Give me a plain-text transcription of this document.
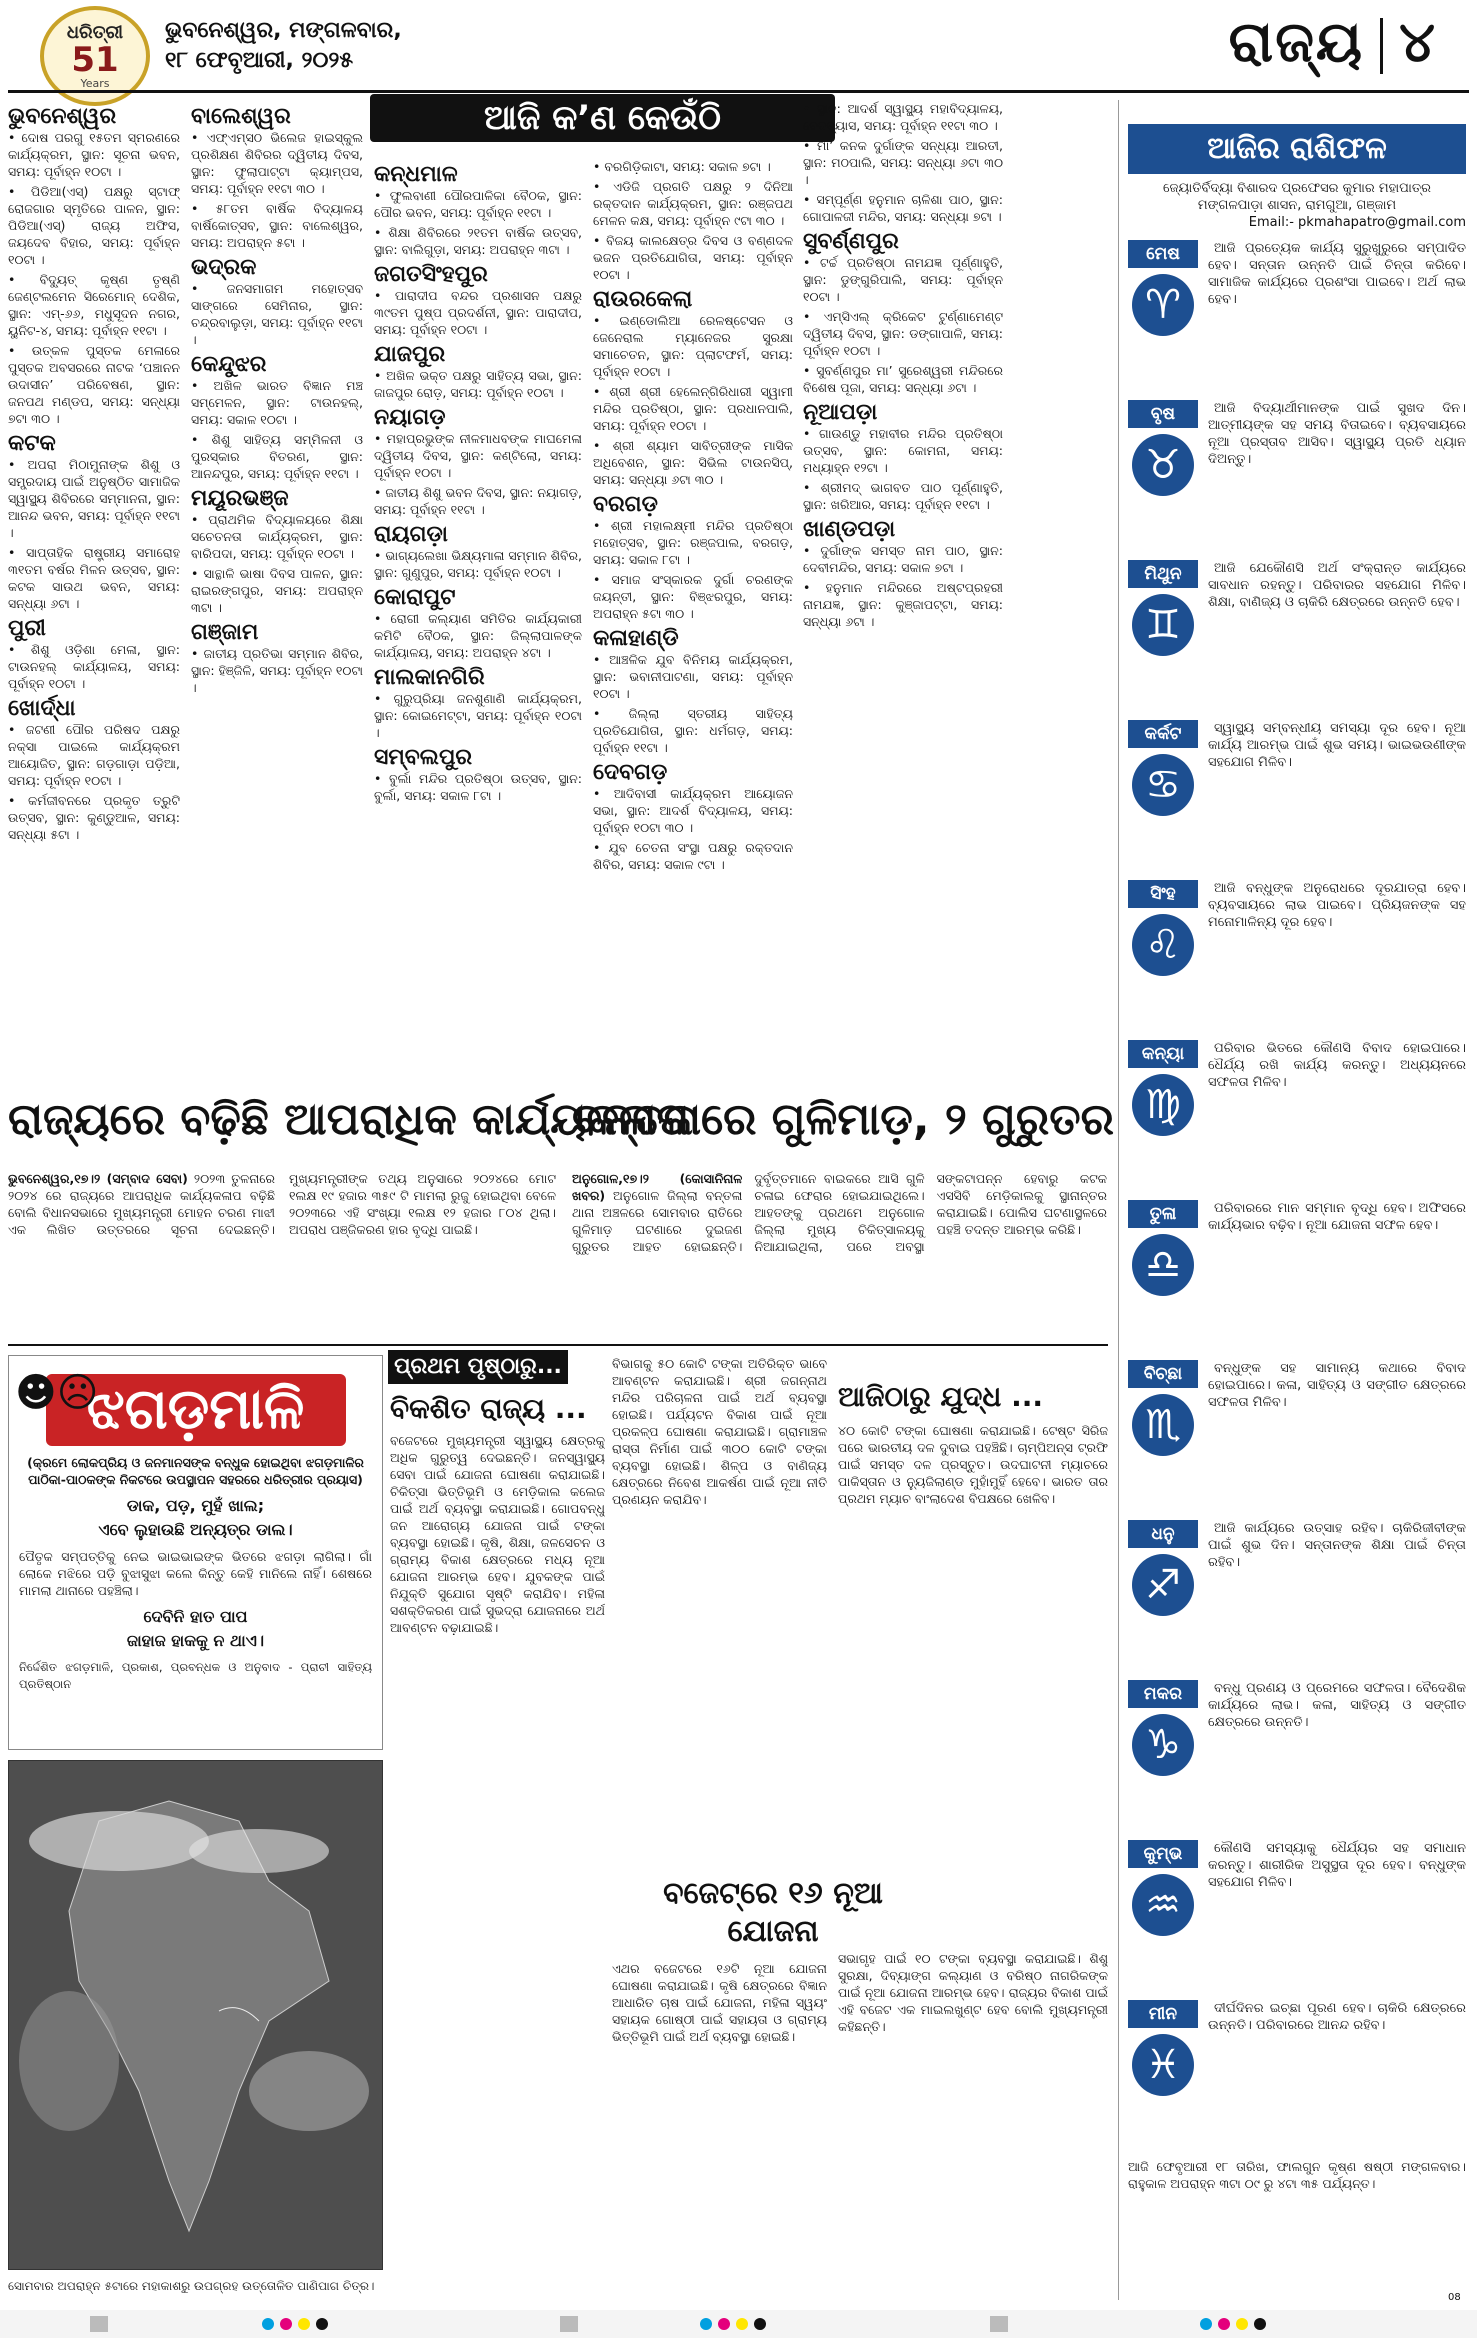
ଧରିତ୍ରୀ
51
Years
ଭୁବନେଶ୍ୱର, ମଙ୍ଗଳବାର,
୧୮ ଫେବୃଆରୀ, ୨୦୨୫	ରାଜ୍ୟ ୪
ଆଜି କ’ଣ କେଉଁଠି
ଭୁବନେଶ୍ୱର
• ଦୋଷ ପରଗୁ ୧୫ତମ ସ୍ମରଣରେ କାର୍ଯ୍ୟକ୍ରମ, ସ୍ଥାନ: ସୂଚନା ଭବନ, ସମୟ: ପୂର୍ବାହ୍ନ ୧୦ଟା ।
• ପିଡିଆ(ଏସ୍) ପକ୍ଷରୁ ସ୍ଟାଫ୍‌ ରୋଜଗାର ସ୍ମୃତିରେ ପାଳନ, ସ୍ଥାନ: ପିଡିଆ(ଏସ୍) ରାଜ୍ୟ ଅଫିସ, ଜୟଦେବ ବିହାର, ସମୟ: ପୂର୍ବାହ୍ନ ୧୦ଟା ।
• ବିଦ୍ୟୁତ୍‌ କୃଷ୍ଣ ତୃଷ୍ଣି ଜେଣ୍ଟଲମେନ ସିରେମୋନ୍‌ ଦେଶିକ, ସ୍ଥାନ: ଏମ୍‌-୬୬, ମଧୁସୂଦନ ନଗର, ୟୁନିଟ-୪, ସମୟ: ପୂର୍ବାହ୍ନ ୧୧ଟା ।
• ଉତ୍କଳ ପୁସ୍ତକ ମେଳାରେ ପୁସ୍ତକ ଅବସରରେ ନାଟକ ‘ପଞ୍ଚାନନ ଉଦାସୀନ’ ପରିବେଷଣ, ସ୍ଥାନ: ଜନପଥ ମଣ୍ଡପ, ସମୟ: ସନ୍ଧ୍ୟା ୭ଟା ୩୦ ।
କଟକ
• ଅପରା ମିଠାମୁନାଙ୍କ ଶିଶୁ ଓ ସମ୍ପ୍ରଦାୟ ପାଇଁ ଅନୁଷ୍ଠିତ ସାମାଜିକ ସ୍ୱାସ୍ଥ୍ୟ ଶିବିରରେ ସମ୍ମାନନା, ସ୍ଥାନ: ଆନନ୍ଦ ଭବନ, ସମୟ: ପୂର୍ବାହ୍ନ ୧୧ଟା ।
• ସାପ୍ତାହିକ ରାଷ୍ଟ୍ରୀୟ ସମାରୋହ ୩୧ତମ ବର୍ଷର ମିଳନ ଉତ୍ସବ, ସ୍ଥାନ: କଟକ ସାଉଥ ଭବନ, ସମୟ: ସନ୍ଧ୍ୟା ୬ଟା ।
ପୁରୀ
• ଶିଶୁ ଓଡ଼ିଶା ମେଳା, ସ୍ଥାନ: ଟାଉନହଲ୍‌ କାର୍ଯ୍ୟାଳୟ, ସମୟ: ପୂର୍ବାହ୍ନ ୧୦ଟା ।
ଖୋର୍ଦ୍ଧା
• ଜଟଣୀ ପୌର ପରିଷଦ ପକ୍ଷରୁ ନକ୍ସା ପାଇଲେ କାର୍ଯ୍ୟକ୍ରମ ଆୟୋଜିତ, ସ୍ଥାନ: ଗଡ଼ଗାଡ଼ା ପଡ଼ିଆ, ସମୟ: ପୂର୍ବାହ୍ନ ୧୦ଟା ।
• କର୍ମଜୀବନରେ ପ୍ରକୃତ ତ୍ରୁଟି ଉତ୍ସବ, ସ୍ଥାନ: କୁଣ୍ଡୁଆଳ, ସମୟ: ସନ୍ଧ୍ୟା ୫ଟା ।
ବାଲେଶ୍ୱର
• ଏଫ୍‌ଏମ୍‌ସଠ ଭିଲେଜ ହାଇସ୍କୁଲ ପ୍ରଶିକ୍ଷଣ ଶିବିରର ଦ୍ୱିତୀୟ ଦିବସ, ସ୍ଥାନ: ଫୁଲାପାଟ୍ଟା କ୍ୟାମ୍ପସ, ସମୟ: ପୂର୍ବାହ୍ନ ୧୧ଟା ୩୦ ।
• ୫୮ତମ ବାର୍ଷିକ ବିଦ୍ୟାଳୟ ବାର୍ଷିକୋତ୍ସବ, ସ୍ଥାନ: ବାଲେଶ୍ୱର, ସମୟ: ଅପରାହ୍ନ ୫ଟା ।
ଭଦ୍ରକ
• ଜନସମାଗମ ମହୋତ୍ସବ ସାଙ୍ଗରେ ସେମିନାର, ସ୍ଥାନ: ଚନ୍ଦ୍ରବାଲୁଡ଼ା, ସମୟ: ପୂର୍ବାହ୍ନ ୧୧ଟା ।
କେନ୍ଦୁଝର
• ଅଖିଳ ଭାରତ ବିଜ୍ଞାନ ମଞ୍ଚ ସମ୍ମେଳନ, ସ୍ଥାନ: ଟାଉନହଲ୍‌, ସମୟ: ସକାଳ ୧୦ଟା ।
• ଶିଶୁ ସାହିତ୍ୟ ସମ୍ମିଳନୀ ଓ ପୁରସ୍କାର ବିତରଣ, ସ୍ଥାନ: ଆନନ୍ଦପୁର, ସମୟ: ପୂର୍ବାହ୍ନ ୧୧ଟା ।
ମୟୂରଭଞ୍ଜ
• ପ୍ରାଥମିକ ବିଦ୍ୟାଳୟରେ ଶିକ୍ଷା ସଚେତନତା କାର୍ଯ୍ୟକ୍ରମ, ସ୍ଥାନ: ବାରିପଦା, ସମୟ: ପୂର୍ବାହ୍ନ ୧୦ଟା ।
• ସାନ୍ଥାଳି ଭାଷା ଦିବସ ପାଳନ, ସ୍ଥାନ: ରାଇରଙ୍ଗପୁର, ସମୟ: ଅପରାହ୍ନ ୩ଟା ।
ଗଞ୍ଜାମ
• ଜାତୀୟ ପ୍ରତିଭା ସମ୍ମାନ ଶିବିର, ସ୍ଥାନ: ହିଞ୍ଜିଳି, ସମୟ: ପୂର୍ବାହ୍ନ ୧୦ଟା ।
କନ୍ଧମାଳ
• ଫୁଲବାଣୀ ପୌରପାଳିକା ବୈଠକ, ସ୍ଥାନ: ପୌର ଭବନ, ସମୟ: ପୂର୍ବାହ୍ନ ୧୧ଟା ।
• ଶିକ୍ଷା ଶିବିରରେ ୨୧ତମ ବାର୍ଷିକ ଉତ୍ସବ, ସ୍ଥାନ: ବାଲିଗୁଡ଼ା, ସମୟ: ଅପରାହ୍ନ ୩ଟା ।
ଜଗତସିଂହପୁର
• ପାରାଦୀପ ବନ୍ଦର ପ୍ରଶାସନ ପକ୍ଷରୁ ୩୯ତମ ପୁଷ୍ପ ପ୍ରଦର୍ଶନୀ, ସ୍ଥାନ: ପାରାଦୀପ, ସମୟ: ପୂର୍ବାହ୍ନ ୧୦ଟା ।
ଯାଜପୁର
• ଅଖିଳ ଭକ୍ତ ପକ୍ଷରୁ ସାହିତ୍ୟ ସଭା, ସ୍ଥାନ: ଜାଜପୁର ରୋଡ଼, ସମୟ: ପୂର୍ବାହ୍ନ ୧୦ଟା ।
ନୟାଗଡ଼
• ମହାପ୍ରଭୁଙ୍କ ନୀଳମାଧବଙ୍କ ମାଘମେଳା ଦ୍ୱିତୀୟ ଦିବସ, ସ୍ଥାନ: କଣ୍ଟିଲୋ, ସମୟ: ପୂର୍ବାହ୍ନ ୧୦ଟା ।
• ଜାତୀୟ ଶିଶୁ ଭବନ ଦିବସ, ସ୍ଥାନ: ନୟାଗଡ଼, ସମୟ: ପୂର୍ବାହ୍ନ ୧୧ଟା ।
ରାୟଗଡ଼ା
• ଭାଗ୍ୟଲେଖା ଭିକ୍ଷ୍ୟମାଳା ସମ୍ମାନ ଶିବିର, ସ୍ଥାନ: ଗୁଣୁପୁର, ସମୟ: ପୂର୍ବାହ୍ନ ୧୦ଟା ।
କୋରାପୁଟ
• ରୋଗୀ କଲ୍ୟାଣ ସମିତିର କାର୍ଯ୍ୟକାରୀ କମିଟି ବୈଠକ, ସ୍ଥାନ: ଜିଲ୍ଲାପାଳଙ୍କ କାର୍ଯ୍ୟାଳୟ, ସମୟ: ଅପରାହ୍ନ ୪ଟା ।
ମାଲକାନଗିରି
• ଗୁରୁପ୍ରିୟା ଜନଶୁଣାଣି କାର୍ଯ୍ୟକ୍ରମ, ସ୍ଥାନ: କୋଇମେଟ୍ଟା, ସମୟ: ପୂର୍ବାହ୍ନ ୧୦ଟା ।
ସମ୍ବଲପୁର
• ବୁର୍ଲା ମନ୍ଦିର ପ୍ରତିଷ୍ଠା ଉତ୍ସବ, ସ୍ଥାନ: ବୁର୍ଲା, ସମୟ: ସକାଳ ୮ଟା ।
• ବରଗିଡ଼ିକାଟା, ସମୟ: ସକାଳ ୭ଟା ।
• ଏଡିଜି ପ୍ରଗତି ପକ୍ଷରୁ ୨ ଦିନିଆ ରକ୍ତଦାନ କାର୍ଯ୍ୟକ୍ରମ, ସ୍ଥାନ: ରଞ୍ଜପଥ ମେଳନ କକ୍ଷ, ସମୟ: ପୂର୍ବାହ୍ନ ୯ଟା ୩୦ ।
• ବିଜୟ କାଲକ୍ଷେତ୍ର ଦିବସ ଓ ବଣ୍ଣଦଳ ଭଜନ ପ୍ରତିଯୋଗିତା, ସମୟ: ପୂର୍ବାହ୍ନ ୧୦ଟା ।
ରାଉରକେଲା
• ଇଣ୍ଡୋଲିଆ ରେଳଷ୍ଟେସନ ଓ ଜେନେରାଲ ମ୍ୟାନେଜର ସୁରକ୍ଷା ସମାଚେତନ, ସ୍ଥାନ: ପ୍ଲାଟଫର୍ମ, ସମୟ: ପୂର୍ବାହ୍ନ ୧୦ଟା ।
• ଶ୍ରୀ ଶ୍ରୀ ହେଲେନ୍‌ଗିରିଧାରୀ ସ୍ୱାମୀ ମନ୍ଦିର ପ୍ରତିଷ୍ଠା, ସ୍ଥାନ: ପ୍ରଧାନପାଲି, ସମୟ: ପୂର୍ବାହ୍ନ ୧୦ଟା ।
• ଶ୍ରୀ ଶ୍ୟାମ ସାବିତ୍ରୀଙ୍କ ମାସିକ ଅଧିବେଶନ, ସ୍ଥାନ: ସିଭିଲ ଟାଉନସିପ୍‌, ସମୟ: ସନ୍ଧ୍ୟା ୬ଟା ୩୦ ।
ବରଗଡ଼
• ଶ୍ରୀ ମହାଲକ୍ଷ୍ମୀ ମନ୍ଦିର ପ୍ରତିଷ୍ଠା ମହୋତ୍ସବ, ସ୍ଥାନ: ରଞ୍ଜପାଲ, ବରଗଡ଼, ସମୟ: ସକାଳ ୮ଟା ।
• ସମାଜ ସଂସ୍କାରକ ଦୁର୍ଗା ଚରଣଙ୍କ ଜୟନ୍ତୀ, ସ୍ଥାନ: ବିଞ୍ଝରପୁର, ସମୟ: ଅପରାହ୍ନ ୫ଟା ୩୦ ।
କଳାହାଣ୍ଡି
• ଆଞ୍ଚଳିକ ଯୁବ ବିନିମୟ କାର୍ଯ୍ୟକ୍ରମ, ସ୍ଥାନ: ଭବାନୀପାଟଣା, ସମୟ: ପୂର୍ବାହ୍ନ ୧୦ଟା ।
• ଜିଲ୍ଲା ସ୍ତରୀୟ ସାହିତ୍ୟ ପ୍ରତିଯୋଗିତା, ସ୍ଥାନ: ଧର୍ମଗଡ଼, ସମୟ: ପୂର୍ବାହ୍ନ ୧୧ଟା ।
ଦେବଗଡ଼
• ଆଦିବାସୀ କାର୍ଯ୍ୟକ୍ରମ ଆୟୋଜନ ସଭା, ସ୍ଥାନ: ଆଦର୍ଶ ବିଦ୍ୟାଳୟ, ସମୟ: ପୂର୍ବାହ୍ନ ୧୦ଟା ୩୦ ।
• ଯୁବ ଚେତନା ସଂସ୍ଥା ପକ୍ଷରୁ ରକ୍ତଦାନ ଶିବିର, ସମୟ: ସକାଳ ୯ଟା ।
• ସ୍ଥାନ: ଆଦର୍ଶ ସ୍ୱାସ୍ଥ୍ୟ ମହାବିଦ୍ୟାଳୟ, ବେଦବ୍ୟାସ, ସମୟ: ପୂର୍ବାହ୍ନ ୧୧ଟା ୩୦ ।
• ମା’ କନକ ଦୁର୍ଗାଙ୍କ ସନ୍ଧ୍ୟା ଆରତୀ, ସ୍ଥାନ: ମଠପାଲି, ସମୟ: ସନ୍ଧ୍ୟା ୬ଟା ୩୦ ।
• ସମ୍ପୂର୍ଣ୍ଣ ହନୁମାନ ଚାଳିଶା ପାଠ, ସ୍ଥାନ: ଗୋପାଳଜୀ ମନ୍ଦିର, ସମୟ: ସନ୍ଧ୍ୟା ୭ଟା ।
ସୁବର୍ଣ୍ଣପୁର
• ଟର୍ଚ୍ଚ ପ୍ରତିଷ୍ଠା ନାମଯଜ୍ଞ ପୂର୍ଣ୍ଣାହୁତି, ସ୍ଥାନ: ଡୁଙ୍ଗୁରିପାଲି, ସମୟ: ପୂର୍ବାହ୍ନ ୧୦ଟା ।
• ଏମ୍‌ସିଏଲ୍‌ କ୍ରିକେଟ ଟୁର୍ଣ୍ଣାମେଣ୍ଟ ଦ୍ୱିତୀୟ ଦିବସ, ସ୍ଥାନ: ଡଙ୍ଗାପାଳି, ସମୟ: ପୂର୍ବାହ୍ନ ୧୦ଟା ।
• ସୁବର୍ଣ୍ଣପୁର ମା’ ସୁରେଶ୍ୱରୀ ମନ୍ଦିରରେ ବିଶେଷ ପୂଜା, ସମୟ: ସନ୍ଧ୍ୟା ୬ଟା ।
ନୂଆପଡ଼ା
• ଗାଉଣ୍ଡୁ ମହାବୀର ମନ୍ଦିର ପ୍ରତିଷ୍ଠା ଉତ୍ସବ, ସ୍ଥାନ: କୋମନା, ସମୟ: ମଧ୍ୟାହ୍ନ ୧୨ଟା ।
• ଶ୍ରୀମଦ୍‌ ଭାଗବତ ପାଠ ପୂର୍ଣ୍ଣାହୁତି, ସ୍ଥାନ: ଖରିଆର, ସମୟ: ପୂର୍ବାହ୍ନ ୧୧ଟା ।
ଖାଣ୍ଡପଡ଼ା
• ଦୁର୍ଗାଙ୍କ ସମସ୍ତ ନାମ ପାଠ, ସ୍ଥାନ: ଦେବୀମନ୍ଦିର, ସମୟ: ସକାଳ ୭ଟା ।
• ହନୁମାନ ମନ୍ଦିରରେ ଅଷ୍ଟପ୍ରହରୀ ନାମଯଜ୍ଞ, ସ୍ଥାନ: କୁଞ୍ଜାପଟ୍ଟା, ସମୟ: ସନ୍ଧ୍ୟା ୬ଟା ।
ଆଜିର ରାଶିଫଳ
ଜ୍ୟୋତିର୍ବିଦ୍ୟା ବିଶାରଦ ପ୍ରଫେସର କୁମାର ମହାପାତ୍ର
ମଙ୍ଗଳପାଡ଼ା ଶାସନ, ରାମଗୁଆ, ଗଞ୍ଜାମ
Email:- pkmahapatro@gmail.com
ମେଷ
♈

ଆଜି ପ୍ରତ୍ୟେକ କାର୍ଯ୍ୟ ସୁରୁଖୁରୁରେ ସମ୍ପାଦିତ ହେବ। ସନ୍ତାନ ଉନ୍ନତି ପାଇଁ ଚିନ୍ତା କରିବେ। ସାମାଜିକ କାର୍ଯ୍ୟରେ ପ୍ରଶଂସା ପାଇବେ। ଅର୍ଥ ଲାଭ ହେବ।

ବୃଷ
♉

ଆଜି ବିଦ୍ୟାର୍ଥୀମାନଙ୍କ ପାଇଁ ସୁଖଦ ଦିନ। ଆତ୍ମୀୟଙ୍କ ସହ ସମୟ ବିତାଇବେ। ବ୍ୟବସାୟରେ ନୂଆ ପ୍ରସ୍ତାବ ଆସିବ। ସ୍ୱାସ୍ଥ୍ୟ ପ୍ରତି ଧ୍ୟାନ ଦିଅନ୍ତୁ।

ମିଥୁନ
♊

ଆଜି ଯେକୌଣସି ଅର୍ଥ ସଂକ୍ରାନ୍ତ କାର୍ଯ୍ୟରେ ସାବଧାନ ରହନ୍ତୁ। ପରିବାରର ସହଯୋଗ ମିଳିବ। ଶିକ୍ଷା, ବାଣିଜ୍ୟ ଓ ଚାକିରି କ୍ଷେତ୍ରରେ ଉନ୍ନତି ହେବ।

କର୍କଟ
♋

ସ୍ୱାସ୍ଥ୍ୟ ସମ୍ବନ୍ଧୀୟ ସମସ୍ୟା ଦୂର ହେବ। ନୂଆ କାର୍ଯ୍ୟ ଆରମ୍ଭ ପାଇଁ ଶୁଭ ସମୟ। ଭାଇଭଉଣୀଙ୍କ ସହଯୋଗ ମିଳିବ।

ସିଂହ
♌

ଆଜି ବନ୍ଧୁଙ୍କ ଅନୁରୋଧରେ ଦୂରଯାତ୍ରା ହେବ। ବ୍ୟବସାୟରେ ଲାଭ ପାଇବେ। ପ୍ରିୟଜନଙ୍କ ସହ ମନୋମାଳିନ୍ୟ ଦୂର ହେବ।

କନ୍ୟା
♍

ପରିବାର ଭିତରେ କୌଣସି ବିବାଦ ହୋଇପାରେ। ଧୈର୍ଯ୍ୟ ରଖି କାର୍ଯ୍ୟ କରନ୍ତୁ। ଅଧ୍ୟୟନରେ ସଫଳତା ମିଳିବ।

ତୁଳା
♎

ପରିବାରରେ ମାନ ସମ୍ମାନ ବୃଦ୍ଧି ହେବ। ଅଫିସରେ କାର୍ଯ୍ୟଭାର ବଢ଼ିବ। ନୂଆ ଯୋଜନା ସଫଳ ହେବ।

ବିଚ୍ଛା
♏

ବନ୍ଧୁଙ୍କ ସହ ସାମାନ୍ୟ କଥାରେ ବିବାଦ ହୋଇପାରେ। କଳା, ସାହିତ୍ୟ ଓ ସଙ୍ଗୀତ କ୍ଷେତ୍ରରେ ସଫଳତା ମିଳିବ।

ଧନୁ
♐

ଆଜି କାର୍ଯ୍ୟରେ ଉତ୍ସାହ ରହିବ। ଚାକିରିଜୀବୀଙ୍କ ପାଇଁ ଶୁଭ ଦିନ। ସନ୍ତାନଙ୍କ ଶିକ୍ଷା ପାଇଁ ଚିନ୍ତା ରହିବ।

ମକର
♑

ବନ୍ଧୁ ପ୍ରଣୟ ଓ ପ୍ରେମରେ ସଫଳତା। ବୈଦେଶିକ କାର୍ଯ୍ୟରେ ଲାଭ। କଳା, ସାହିତ୍ୟ ଓ ସଙ୍ଗୀତ କ୍ଷେତ୍ରରେ ଉନ୍ନତି।

କୁମ୍ଭ
♒

କୌଣସି ସମସ୍ୟାକୁ ଧୈର୍ଯ୍ୟର ସହ ସମାଧାନ କରନ୍ତୁ। ଶାରୀରିକ ଅସୁସ୍ଥତା ଦୂର ହେବ। ବନ୍ଧୁଙ୍କ ସହଯୋଗ ମିଳିବ।

ମୀନ
♓

ଦୀର୍ଘଦିନର ଇଚ୍ଛା ପୂରଣ ହେବ। ଚାକିରି କ୍ଷେତ୍ରରେ ଉନ୍ନତି। ପରିବାରରେ ଆନନ୍ଦ ରହିବ।

ଆଜି ଫେବୃଆରୀ ୧୮ ତାରିଖ, ଫାଲଗୁନ କୃଷ୍ଣ ଷଷ୍ଠୀ ମଙ୍ଗଳବାର। ରାହୁକାଳ ଅପରାହ୍ନ ୩ଟା ୦୯ ରୁ ୪ଟା ୩୫ ପର୍ଯ୍ୟନ୍ତ।
ରାଜ୍ୟରେ ବଢ଼ିଛି ଆପରାଧିକ କାର୍ଯ୍ୟକଳାପ
ଭୁବନେଶ୍ୱର,୧୭।୨ (ସମ୍ବାଦ ସେବା) ୨୦୨୩ ତୁଳନାରେ ୨୦୨୪ ରେ ରାଜ୍ୟରେ ଆପରାଧିକ କାର୍ଯ୍ୟକଳାପ ବଢ଼ିଛି ବୋଲି ବିଧାନସଭାରେ ମୁଖ୍ୟମନ୍ତ୍ରୀ ମୋହନ ଚରଣ ମାଝୀ ଏକ ଲିଖିତ ଉତ୍ତରରେ ସୂଚନା ଦେଇଛନ୍ତି। ମୁଖ୍ୟମନ୍ତ୍ରୀଙ୍କ ତଥ୍ୟ ଅନୁସାରେ ୨୦୨୪ରେ ମୋଟ ୧ଲକ୍ଷ ୧୯ ହଜାର ୩୫୯ ଟି ମାମଲା ରୁଜୁ ହୋଇଥିବା ବେଳେ ୨୦୨୩ରେ ଏହି ସଂଖ୍ୟା ୧ଲକ୍ଷ ୧୨ ହଜାର ୮୦୪ ଥିଲା। ଅପରାଧ ପଞ୍ଜିକରଣ ହାର ବୃଦ୍ଧି ପାଇଛି।
ବନ୍ତଳାରେ ଗୁଳିମାଡ଼, ୨ ଗୁରୁତର
ଅନୁଗୋଳ,୧୭।୨ (କୋସାନିନାଳ ଖବର) ଅନୁଗୋଳ ଜିଲ୍ଲା ବନ୍ତଳା ଥାନା ଅଞ୍ଚଳରେ ସୋମବାର ରାତିରେ ଗୁଳିମାଡ଼ ଘଟଣାରେ ଦୁଇଜଣ ଗୁରୁତର ଆହତ ହୋଇଛନ୍ତି। ଦୁର୍ବୃତ୍ତମାନେ ବାଇକରେ ଆସି ଗୁଳି ଚଳାଇ ଫେରାର ହୋଇଯାଇଥିଲେ। ଆହତଙ୍କୁ ପ୍ରଥମେ ଅନୁଗୋଳ ଜିଲ୍ଲା ମୁଖ୍ୟ ଚିକିତ୍ସାଳୟକୁ ନିଆଯାଇଥିଲା, ପରେ ଅବସ୍ଥା ସଙ୍କଟାପନ୍ନ ହେବାରୁ କଟକ ଏସସିବି ମେଡ଼ିକାଲକୁ ସ୍ଥାନାନ୍ତର କରାଯାଇଛି। ପୋଲିସ ଘଟଣାସ୍ଥଳରେ ପହଞ୍ଚି ତଦନ୍ତ ଆରମ୍ଭ କରିଛି।
☻☹
ଝଗଡ଼ମାଳି
(କ୍ରମେ ଲୋକପ୍ରିୟ ଓ ଜନମାନସଙ୍କ ବନ୍ଧୁକ ହୋଇଥିବା ଝଗଡ଼ମାଳିର ପାଠିକା-ପାଠକଙ୍କ ନିକଟରେ ଉପସ୍ଥାପନ ସହରରେ ଧରିତ୍ରୀର ପ୍ରୟାସ)
ଡାକ, ପଡ଼, ମୁହଁ ଖାଲ;
ଏବେ ଲୁହାଉଛି ଅନ୍ୟତ୍ର ଡାଲ।
ପୈତୃକ ସମ୍ପତ୍ତିକୁ ନେଇ ଭାଇଭାଇଙ୍କ ଭିତରେ ଝଗଡ଼ା ଲାଗିଲା। ଗାଁ ଲୋକେ ମଝିରେ ପଡ଼ି ବୁଝାସୁଝା କଲେ କିନ୍ତୁ କେହି ମାନିଲେ ନାହିଁ। ଶେଷରେ ମାମଲା ଥାନାରେ ପହଞ୍ଚିଲା।
ଦେବିନି ହାତ ପାପ
ଜାହାଜ ହାକକୁ ନ ଥାଏ।
ନିର୍ଦ୍ଦେଶିତ ଝଗଡ଼ମାଳି, ପ୍ରକାଶ, ପ୍ରବନ୍ଧକ ଓ ଅନୁବାଦ - ପ୍ରାଚୀ ସାହିତ୍ୟ ପ୍ରତିଷ୍ଠାନ
ସୋମବାର ଅପରାହ୍ନ ୫ଟାରେ ମହାକାଶରୁ ଉପଗ୍ରହ ଉତ୍ତୋଳିତ ପାଣିପାଗ ଚିତ୍ର।
ପ୍ରଥମ ପୃଷ୍ଠାରୁ...
ବିକଶିତ ରାଜ୍ୟ ...
ବଜେଟରେ ମୁଖ୍ୟମନ୍ତ୍ରୀ ସ୍ୱାସ୍ଥ୍ୟ କ୍ଷେତ୍ରକୁ ଅଧିକ ଗୁରୁତ୍ୱ ଦେଇଛନ୍ତି। ଜନସ୍ୱାସ୍ଥ୍ୟ ସେବା ପାଇଁ ଯୋଜନା ଘୋଷଣା କରାଯାଇଛି। ଚିକିତ୍ସା ଭିତ୍ତିଭୂମି ଓ ମେଡ଼ିକାଲ କଲେଜ ପାଇଁ ଅର୍ଥ ବ୍ୟବସ୍ଥା କରାଯାଇଛି। ଗୋପବନ୍ଧୁ ଜନ ଆରୋଗ୍ୟ ଯୋଜନା ପାଇଁ ଟଙ୍କା ବ୍ୟବସ୍ଥା ହୋଇଛି। କୃଷି, ଶିକ୍ଷା, ଜଳସେଚନ ଓ ଗ୍ରାମ୍ୟ ବିକାଶ କ୍ଷେତ୍ରରେ ମଧ୍ୟ ନୂଆ ଯୋଜନା ଆରମ୍ଭ ହେବ। ଯୁବକଙ୍କ ପାଇଁ ନିଯୁକ୍ତି ସୁଯୋଗ ସୃଷ୍ଟି କରାଯିବ। ମହିଳା ସଶକ୍ତିକରଣ ପାଇଁ ସୁଭଦ୍ରା ଯୋଜନାରେ ଅର୍ଥ ଆବଣ୍ଟନ ବଢ଼ାଯାଇଛି।
ବିଭାଗକୁ ୫୦ କୋଟି ଟଙ୍କା ଅତିରିକ୍ତ ଭାବେ ଆବଣ୍ଟନ କରାଯାଇଛି। ଶ୍ରୀ ଜଗନ୍ନାଥ ମନ୍ଦିର ପରିଚାଳନା ପାଇଁ ଅର୍ଥ ବ୍ୟବସ୍ଥା ହୋଇଛି। ପର୍ଯ୍ୟଟନ ବିକାଶ ପାଇଁ ନୂଆ ପ୍ରକଳ୍ପ ଘୋଷଣା କରାଯାଇଛି। ଗ୍ରାମାଞ୍ଚଳ ରାସ୍ତା ନିର୍ମାଣ ପାଇଁ ୩୦୦ କୋଟି ଟଙ୍କା ବ୍ୟବସ୍ଥା ହୋଇଛି। ଶିଳ୍ପ ଓ ବାଣିଜ୍ୟ କ୍ଷେତ୍ରରେ ନିବେଶ ଆକର୍ଷଣ ପାଇଁ ନୂଆ ନୀତି ପ୍ରଣୟନ କରାଯିବ।
ବଜେଟ୍‌ରେ ୧୬ ନୂଆ ଯୋଜନା
ଏଥର ବଜେଟରେ ୧୬ଟି ନୂଆ ଯୋଜନା ଘୋଷଣା କରାଯାଇଛି। କୃଷି କ୍ଷେତ୍ରରେ ବିଜ୍ଞାନ ଆଧାରିତ ଚାଷ ପାଇଁ ଯୋଜନା, ମହିଳା ସ୍ୱୟଂ ସହାୟକ ଗୋଷ୍ଠୀ ପାଇଁ ସହାୟତା ଓ ଗ୍ରାମ୍ୟ ଭିତ୍ତିଭୂମି ପାଇଁ ଅର୍ଥ ବ୍ୟବସ୍ଥା ହୋଇଛି।
ଆଜିଠାରୁ ଯୁଦ୍ଧ ...
୪୦ କୋଟି ଟଙ୍କା ଘୋଷଣା କରାଯାଇଛି। ଟେଷ୍ଟ ସିରିଜ ପରେ ଭାରତୀୟ ଦଳ ଦୁବାଇ ପହଞ୍ଚିଛି। ଚାମ୍ପିଅନ୍ସ ଟ୍ରଫି ପାଇଁ ସମସ୍ତ ଦଳ ପ୍ରସ୍ତୁତ। ଉଦଘାଟନୀ ମ୍ୟାଚରେ ପାକିସ୍ତାନ ଓ ନ୍ୟୁଜିଲାଣ୍ଡ ମୁହାଁମୁହିଁ ହେବେ। ଭାରତ ତାର ପ୍ରଥମ ମ୍ୟାଚ ବାଂଲାଦେଶ ବିପକ୍ଷରେ ଖେଳିବ।
ସଭାଗୃହ ପାଇଁ ୧୦ ଟଙ୍କା ବ୍ୟବସ୍ଥା କରାଯାଇଛି। ଶିଶୁ ସୁରକ୍ଷା, ଦିବ୍ୟାଙ୍ଗ କଲ୍ୟାଣ ଓ ବରିଷ୍ଠ ନାଗରିକଙ୍କ ପାଇଁ ନୂଆ ଯୋଜନା ଆରମ୍ଭ ହେବ। ରାଜ୍ୟର ବିକାଶ ପାଇଁ ଏହି ବଜେଟ ଏକ ମାଇଲଖୁଣ୍ଟ ହେବ ବୋଲି ମୁଖ୍ୟମନ୍ତ୍ରୀ କହିଛନ୍ତି।
08
